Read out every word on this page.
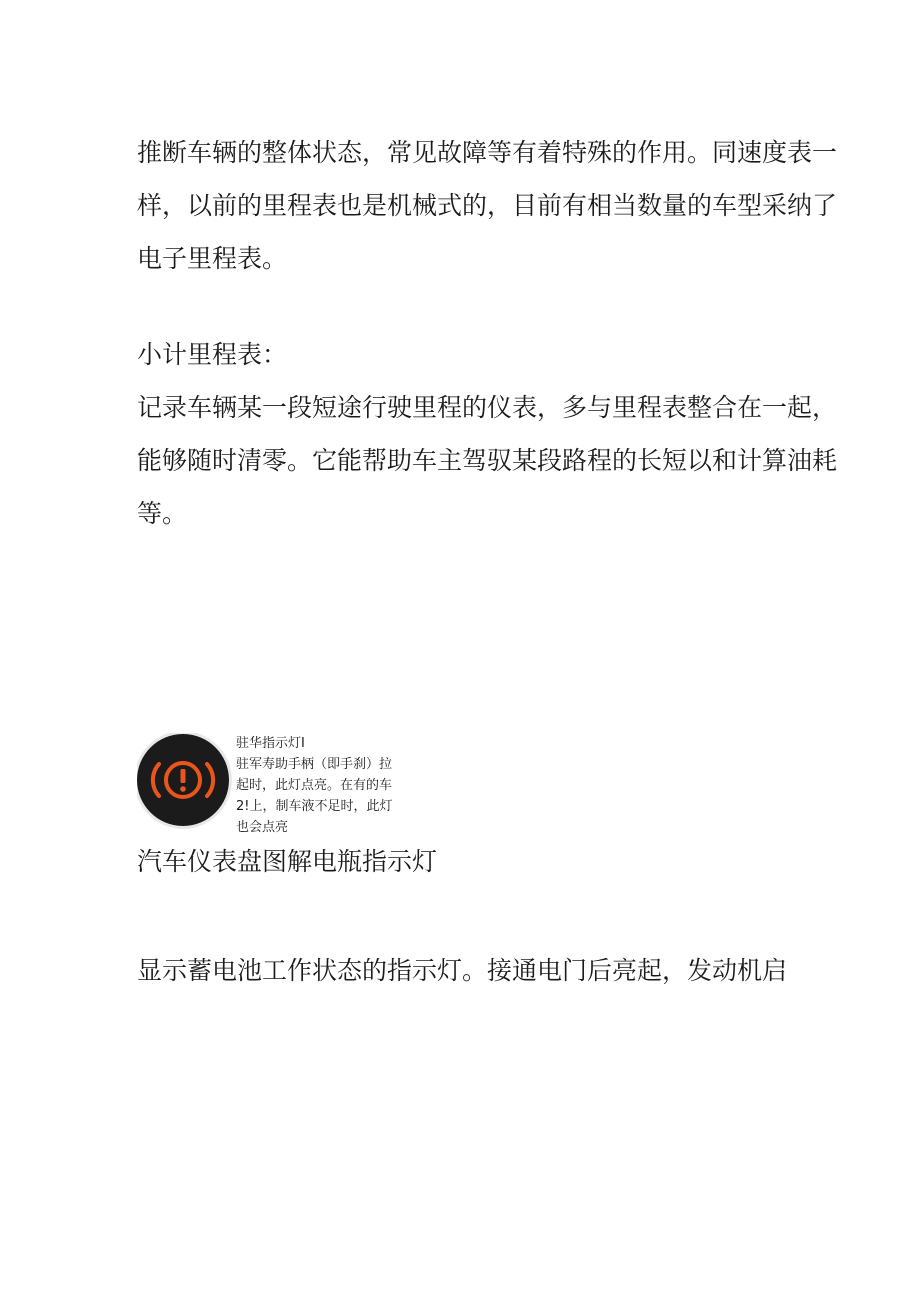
推断车辆的整体状态，常见故障等有着特殊的作用。同速度表一
样，以前的里程表也是机械式的，目前有相当数量的车型采纳了
电子里程表。
小计里程表：
记录车辆某一段短途行驶里程的仪表，多与里程表整合在一起，
能够随时清零。它能帮助车主驾驭某段路程的长短以和计算油耗
等。
驻华指示灯I
驻军寿助手柄（即手刹）拉
起时，此灯点亮。在有的车
2!上，制车液不足时，此灯
也会点亮

汽车仪表盘图解电瓶指示灯

显示蓄电池工作状态的指示灯。接通电门后亮起，发动机启
